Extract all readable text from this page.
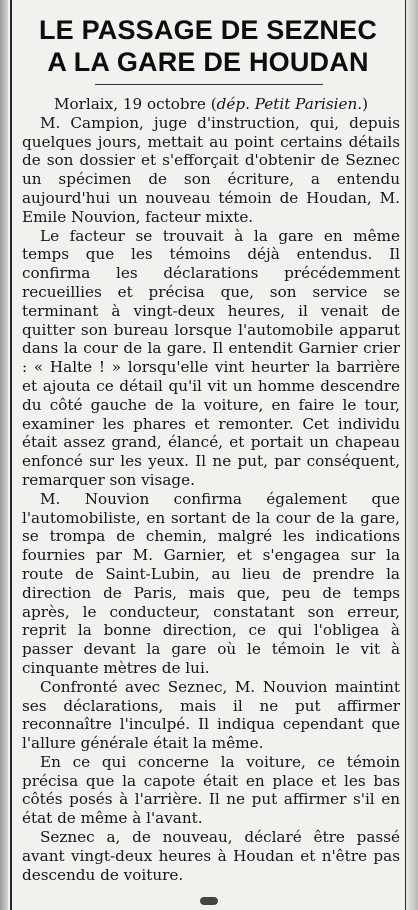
LE PASSAGE DE SEZNEC
A LA GARE DE HOUDAN

Morlaix, 19 octobre (dép. Petit Parisien.)

M. Campion, juge d'instruction, qui, depuis quelques jours, mettait au point certains détails de son dossier et s'efforçait d'obtenir de Seznec un spécimen de son écriture, a entendu aujourd'hui un nouveau témoin de Houdan, M. Emile Nouvion, facteur mixte.

Le facteur se trouvait à la gare en même temps que les témoins déjà entendus. Il confirma les déclarations précédemment recueillies et précisa que, son service se terminant à vingt-deux heures, il venait de quitter son bureau lorsque l'automobile apparut dans la cour de la gare. Il entendit Garnier crier : « Halte ! » lorsqu'elle vint heurter la barrière et ajouta ce détail qu'il vit un homme descendre du côté gauche de la voiture, en faire le tour, examiner les phares et remonter. Cet individu était assez grand, élancé, et portait un chapeau enfoncé sur les yeux. Il ne put, par conséquent, remarquer son visage.

M. Nouvion confirma également que l'automobiliste, en sortant de la cour de la gare, se trompa de chemin, malgré les indications fournies par M. Garnier, et s'engagea sur la route de Saint-Lubin, au lieu de prendre la direction de Paris, mais que, peu de temps après, le conducteur, constatant son erreur, reprit la bonne direction, ce qui l'obligea à passer devant la gare où le témoin le vit à cinquante mètres de lui.

Confronté avec Seznec, M. Nouvion maintint ses déclarations, mais il ne put affirmer reconnaître l'inculpé. Il indiqua cependant que l'allure générale était la même.

En ce qui concerne la voiture, ce témoin précisa que la capote était en place et les bas côtés posés à l'arrière. Il ne put affirmer s'il en état de même à l'avant.

Seznec a, de nouveau, déclaré être passé avant vingt-deux heures à Houdan et n'être pas descendu de voiture.
